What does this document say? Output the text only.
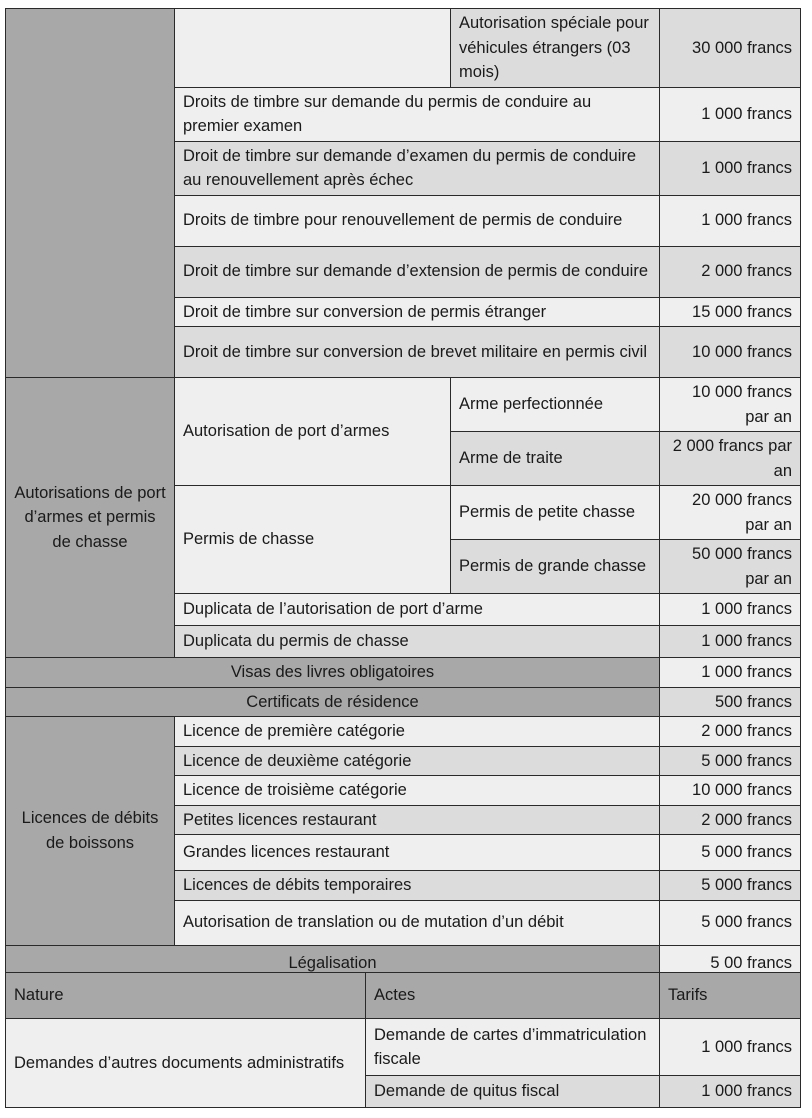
		Autorisation spéciale pour véhicules étrangers (03 mois)	30 000 francs
	Droits de timbre sur demande du permis de conduire au premier examen		1 000 francs
	Droit de timbre sur demande d’examen du permis de conduire au renouvellement après échec		1 000 francs
	Droits de timbre pour renouvellement de permis de conduire		1 000 francs
	Droit de timbre sur demande d’extension de permis de conduire		2 000 francs
	Droit de timbre sur conversion de permis étranger		15 000 francs
	Droit de timbre sur conversion de brevet militaire en permis civil		10 000 francs
Autorisations de port d’armes et permis de chasse	Autorisation de port d’armes	Arme perfectionnée	10 000 francs par an
		Arme de traite	2 000 francs par an
	Permis de chasse	Permis de petite chasse	20 000 francs par an
		Permis de grande chasse	50 000 francs par an
	Duplicata de l’autorisation de port d’arme		1 000 francs
	Duplicata du permis de chasse		1 000 francs
Visas des livres obligatoires			1 000 francs
Certificats de résidence			500 francs
Licences de débits de boissons	Licence de première catégorie		2 000 francs
	Licence de deuxième catégorie		5 000 francs
	Licence de troisième catégorie		10 000 francs
	Petites licences restaurant		2 000 francs
	Grandes licences restaurant		5 000 francs
	Licences de débits temporaires		5 000 francs
	Autorisation de translation ou de mutation d’un débit		5 000 francs
Légalisation			5 00 francs
Nature	Actes	Tarifs
Demandes d’autres documents administratifs	Demande de cartes d’immatriculation fiscale	1 000 francs
	Demande de quitus fiscal	1 000 francs
